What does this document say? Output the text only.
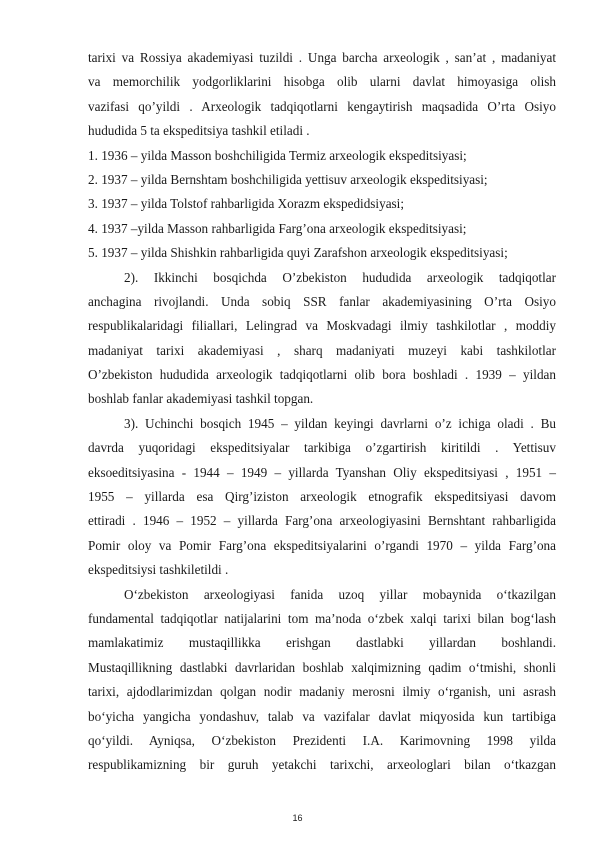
tarixi va Rossiya akademiyasi tuzildi . Unga barcha arxeologik , san’at , madaniyat
va memorchilik yodgorliklarini hisobga olib ularni davlat himoyasiga olish
vazifasi qo’yildi . Arxeologik tadqiqotlarni kengaytirish maqsadida O’rta Osiyo
hududida 5 ta ekspeditsiya tashkil etiladi .
1. 1936 – yilda Masson boshchiligida Termiz arxeologik ekspeditsiyasi;
2. 1937 – yilda Bernshtam boshchiligida yettisuv arxeologik ekspeditsiyasi;
3. 1937 – yilda Tolstof rahbarligida Xorazm ekspedidsiyasi;
4. 1937 –yilda Masson rahbarligida Farg’ona arxeologik ekspeditsiyasi;
5. 1937 – yilda Shishkin rahbarligida quyi Zarafshon arxeologik ekspeditsiyasi;
2). Ikkinchi bosqichda O’zbekiston hududida arxeologik tadqiqotlar
anchagina rivojlandi. Unda sobiq SSR fanlar akademiyasining O’rta Osiyo
respublikalaridagi filiallari, Lelingrad va Moskvadagi ilmiy tashkilotlar , moddiy
madaniyat tarixi akademiyasi , sharq madaniyati muzeyi kabi tashkilotlar
O’zbekiston hududida arxeologik tadqiqotlarni olib bora boshladi . 1939 – yildan
boshlab fanlar akademiyasi tashkil topgan.
3). Uchinchi bosqich 1945 – yildan keyingi davrlarni o’z ichiga oladi . Bu
davrda yuqoridagi ekspeditsiyalar tarkibiga o’zgartirish kiritildi . Yettisuv
eksoeditsiyasina - 1944 – 1949 – yillarda Tyanshan Oliy ekspeditsiyasi , 1951 –
1955 – yillarda esa Qirg’iziston arxeologik etnografik ekspeditsiyasi davom
ettiradi . 1946 – 1952 – yillarda Farg’ona arxeologiyasini Bernshtant rahbarligida
Pomir oloy va Pomir Farg’ona ekspeditsiyalarini o’rgandi 1970 – yilda Farg’ona
ekspeditsiysi tashkiletildi .
O‘zbekiston arxeologiyasi fanida uzoq yillar mobaynida o‘tkazilgan
fundamental tadqiqotlar natijalarini tom ma’noda o‘zbek xalqi tarixi bilan bog‘lash
mamlakatimiz mustaqillikka erishgan dastlabki yillardan boshlandi.
Mustaqillikning dastlabki davrlaridan boshlab xalqimizning qadim o‘tmishi, shonli
tarixi, ajdodlarimizdan qolgan nodir madaniy merosni ilmiy o‘rganish, uni asrash
bo‘yicha yangicha yondashuv, talab va vazifalar davlat miqyosida kun tartibiga
qo‘yildi. Ayniqsa, O‘zbekiston Prezidenti I.A. Karimovning 1998 yilda
respublikamizning bir guruh yetakchi tarixchi, arxeologlari bilan o‘tkazgan
16
